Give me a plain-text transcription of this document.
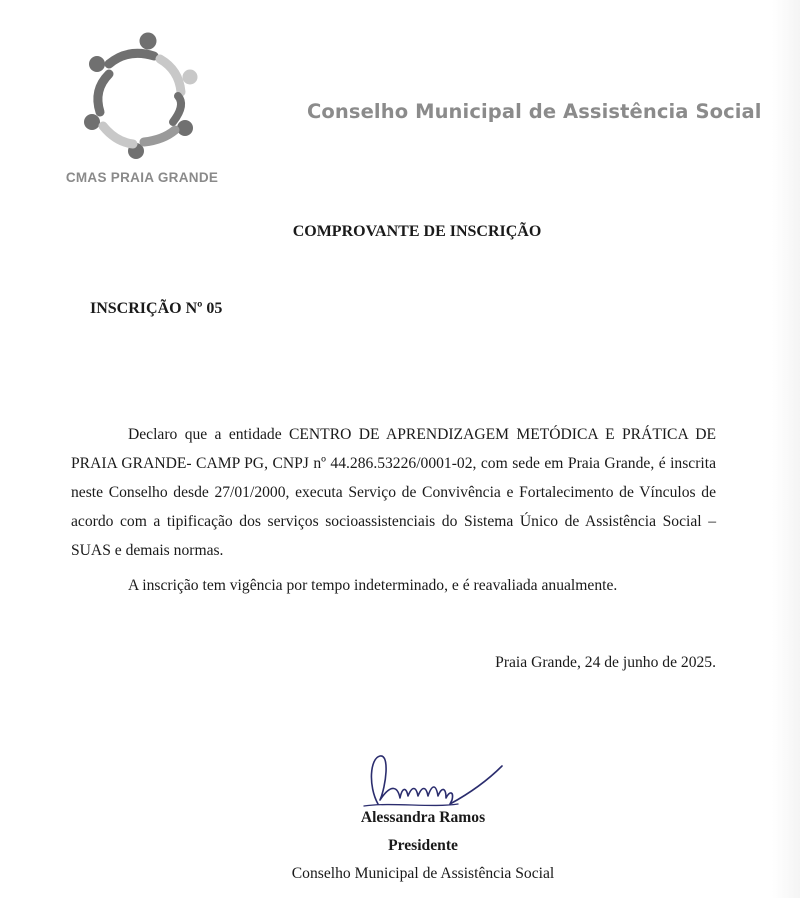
CMAS PRAIA GRANDE
Conselho Municipal de Assistência Social
COMPROVANTE DE INSCRIÇÃO
INSCRIÇÃO Nº 05

Declaro que a entidade CENTRO DE APRENDIZAGEM METÓDICA E PRÁTICA DE PRAIA GRANDE- CAMP PG, CNPJ nº 44.286.53226/0001-02, com sede em Praia Grande, é inscrita neste Conselho desde 27/01/2000, executa Serviço de Convivência e Fortalecimento de Vínculos de acordo com a tipificação dos serviços socioassistenciais do Sistema Único de Assistência Social – SUAS e demais normas.

A inscrição tem vigência por tempo indeterminado, e é reavaliada anualmente.
Praia Grande, 24 de junho de 2025.
Alessandra Ramos
Presidente
Conselho Municipal de Assistência Social
